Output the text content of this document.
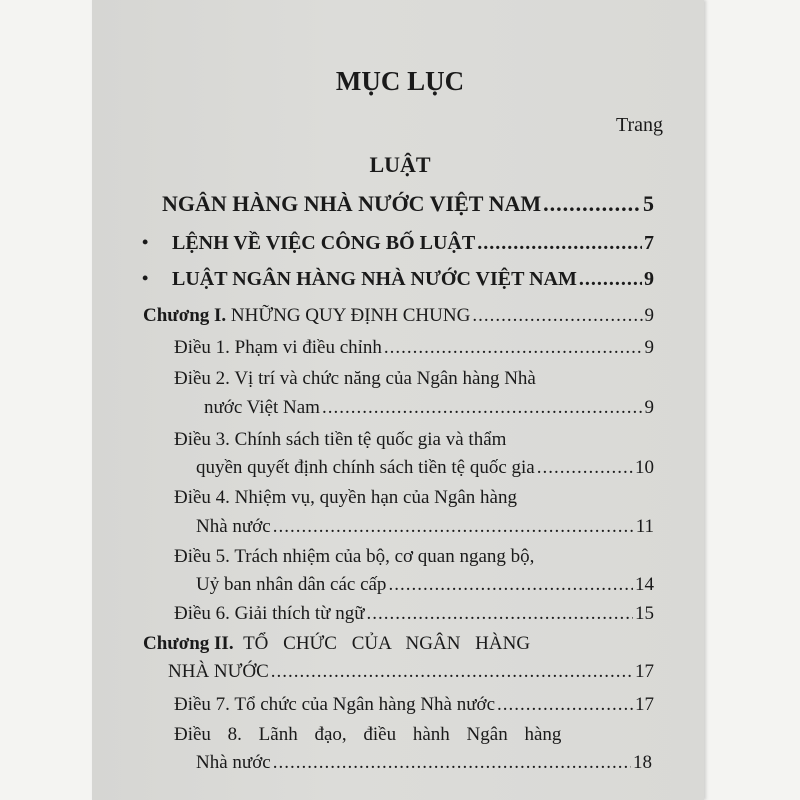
MỤC LỤC
Trang
LUẬT
NGÂN HÀNG NHÀ NƯỚC VIỆT NAM .....	5
• LỆNH VỀ VIỆC CÔNG BỐ LUẬT .....	7
• LUẬT NGÂN HÀNG NHÀ NƯỚC VIỆT NAM .....	9
Chương I.
NHỮNG QUY ĐỊNH CHUNG .....	9
Điều 1. Phạm vi điều chỉnh .....	9
Điều 2. Vị trí và chức năng của Ngân hàng Nhà
nước Việt Nam .....	9
Điều 3. Chính sách tiền tệ quốc gia và thẩm
quyền quyết định chính sách tiền tệ quốc gia .....	10
Điều 4. Nhiệm vụ, quyền hạn của Ngân hàng
Nhà nước .....	11
Điều 5. Trách nhiệm của bộ, cơ quan ngang bộ,
Uỷ ban nhân dân các cấp .....	14
Điều 6. Giải thích từ ngữ .....	15
Chương II.
TỔ CHỨC CỦA NGÂN HÀNG
NHÀ NƯỚC .....	17
Điều 7. Tổ chức của Ngân hàng Nhà nước .....	17
Điều 8. Lãnh đạo, điều hành Ngân hàng
Nhà nước .....	18
